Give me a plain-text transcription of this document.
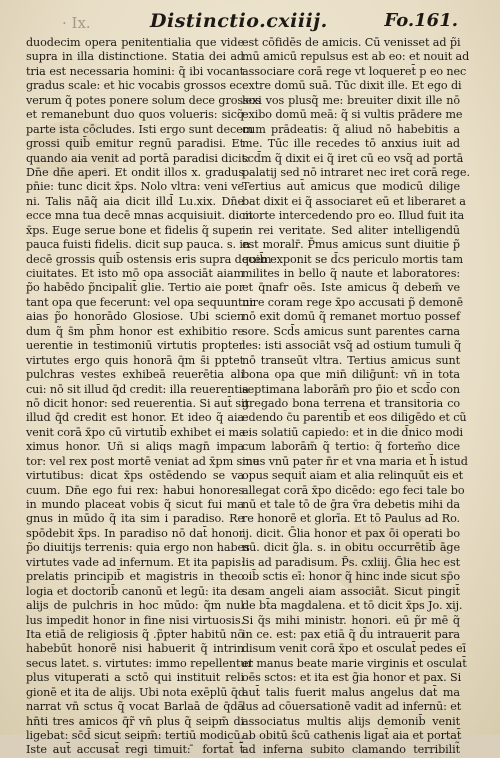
· Ix.	Distinctio.cxiiij.	Fo.161.
duodecim opera penitentialia que vide
supra in illa distinctione. Statia dei ad
tria est necessaria homini: q̃ ibi vocant
gradus scale: et hic vocabis grossos ec.
verum q̃ potes ponere solum dece grossos
et remanebunt duo quos volueris: sicq̃
parte ista cōcludes. Isti ergo sunt decem
grossi quib̄ emitur regnū paradisi. Et
quando aia venit ad portā paradisi dicit:
Dn̄e dn̄e aperi. Et ondit illos x. gradus
pn̄ie: tunc dicit x̄ps. Nolo vltra: veni ve
ni. Talis nāq̃ aia dicit illd̄ Lu.xix. Dn̄e
ecce mna tua decē mnas acquisiuit. dicit
x̄ps. Euge serue bone et fidelis q̃ super
pauca fuisti fidelis. dicit sup pauca. s. in
decē grossis quib̄ ostensis eris supra decem
ciuitates. Et isto mō opa associāt aiam
p̃o habēdo p̃ncipalit̄ glie. Tertio aie por
tant opa que fecerunt: vel opa sequuntur
aias p̃o honorādo Glosiose. Ubi scien
dum q̃ s̄m ph̄m honor est exhibitio re
uerentie in testimoniū virtutis propter
virtutes ergo quis honorā q̄m s̄i pptet
pulchras vestes exhibeā reuerētia ali
cui: nō sit illud q̄d credit: illa reuerentia
nō dicit honor: sed reuerentia. Si aut̄ sit
illud q̄d credit est honor. Et ideo q̃ aia
venit corā x̄po cū virtutib̄ exhibet ei ma
ximus honor. Uñ si aliqs magn̄ impa
tor: vel rex post mortē veniat ad x̄pm sine
virtutibus: dicat x̄ps ostēdendo se va
cuum. Dn̄e ego fui rex: habui honores
in mundo placeat vobis q̃ sicut fui ma
gnus in mūdo q̃ ita sim i paradiso. Re
spōdebit x̄ps. In paradiso nō dat̄ honor
p̃o diuitijs terrenis: quia ergo non habes
virtutes vade ad infernum. Et ita papis:
prelatis principib̄ et magistris in theo
logia et doctorib̄ canonū et legū: ita de
alijs de pulchris in hoc mūdo: q̃m nul
lus impedit honor in fine nisi virtuosis.
Ita etiā de religiosis q̃ .p̃pter habitū nō
habebūt honorē nisi habuerit q̃ intrin
secus latet. s. virtutes: immo repellentur
plus vituperati a sctō qui instituit reli
gionē et ita de alijs. Ubi nota exēplū q̄d
narrat vn̄ sctus q̃ vocat Barlaā de q̄dā
hn̄ti tres amicos q̄r̃ vn̄ plus q̃ seipm̄ di
ligebat: sc̄d̄ sicut seipm̄: tertiū modicū.
Iste aut̄ accusat̄ regi timuit: ̄ fortat̄ t̃̄
est cōfidēs de amicis. Cū venisset ad p̃i
mū amicū repulsus est ab eo: et nouit ad
associare corā rege vt loqueret̄ p eo nec
extre domū suā. Tūc dixit ille. Et ego di
lexi vos plusq̃ me: breuiter dixit ille nō
exibo domū meā: q̃ si vultis prādere me
cum prādeatis: q̃ aliud nō habebitis a
me. Tūc ille recedes tō anxius iuit ad
scd̄m q̃ dixit ei q̃ iret cū eo vsq̃ ad portā
palatij sed nō intraret nec iret corā rege.
Tertius aut̄ amicus que modicū dilige
bat dixit ei q̃ associaret eū et liberaret a
morte intercedendo pro eo. Illud fuit ita
in rei veritate. Sed aliter intelligendū
est moralr̄. P̄mus amicus sunt diuitie p̃
quib̄ exponit se d̄cs periculo mortis tam
milites in bello q̃ naute et laboratores:
et q̄nafr oēs. Iste amicus q̃ debem̄ ve
nire coram rege x̄po accusati p̃ demonē
nō exit domū q̃ remanet mortuo possef
sore. Scd̄s amicus sunt parentes carna
les: isti associāt vsq̃ ad ostium tumuli q̃
nō transeūt vltra. Tertius amicus sunt
bona opa que min̄ diliḡunt̄: vñ in tota
septimana laborām̄ pro p̄io et scd̄o con
gregado bona terrena et transitoria co
edendo c̄u parentib̄ et eos diligēdo et cũ
eis solatiū capiedo: et in die d̄nico modi
cum laborām̄ q̃ tertio: q̃ fortem̄o dice
mus vnū pater n̄r et vna maria et h̄ istud
opus sequit̄ aiam et alia relinquūt eis et
allegat corā x̄po dicēdo: ego feci tale bo
nū et tale tō de ḡra v̄ra debetis mihi da
re honorē et glorīa. Et tō Paulus ad Ro.
ij. dicit. Ḡlia honor et pax ōi operati bo
nū. dicit g̃la. s. in obitu occurrētib̄ āge
lis ad paradisum. P̃s. cxliij. G̃lia hec est
oib̄ sctis eī: honor q̃ hinc inde sicut sp̄o
sam angeli aiam associāt. Sicut pingit̄
de bt̄a magdalena. et tō dicit x̄ps Jo. xij.
Si q̃s mihi ministr. honori. eū p̃r mē q̃
in ce. est: pax etiā q̃ d̄u intrauerit para
disum venit corā x̄po et osculat̄ pedes eī
et manus beate marie virginis et osculat̄
oēs sctos: et ita est g̃ia honor et pax. Si
aut̄ talis fuerit malus angelus dat̄ ma
lus ad cōuersationē vadit ad infernū: et
associatus multis alijs demonib̄ venit
ab obitū s̄cū cathenis ligat̄ aia et portat̄
ad inferna subito clamando terribilit̃
